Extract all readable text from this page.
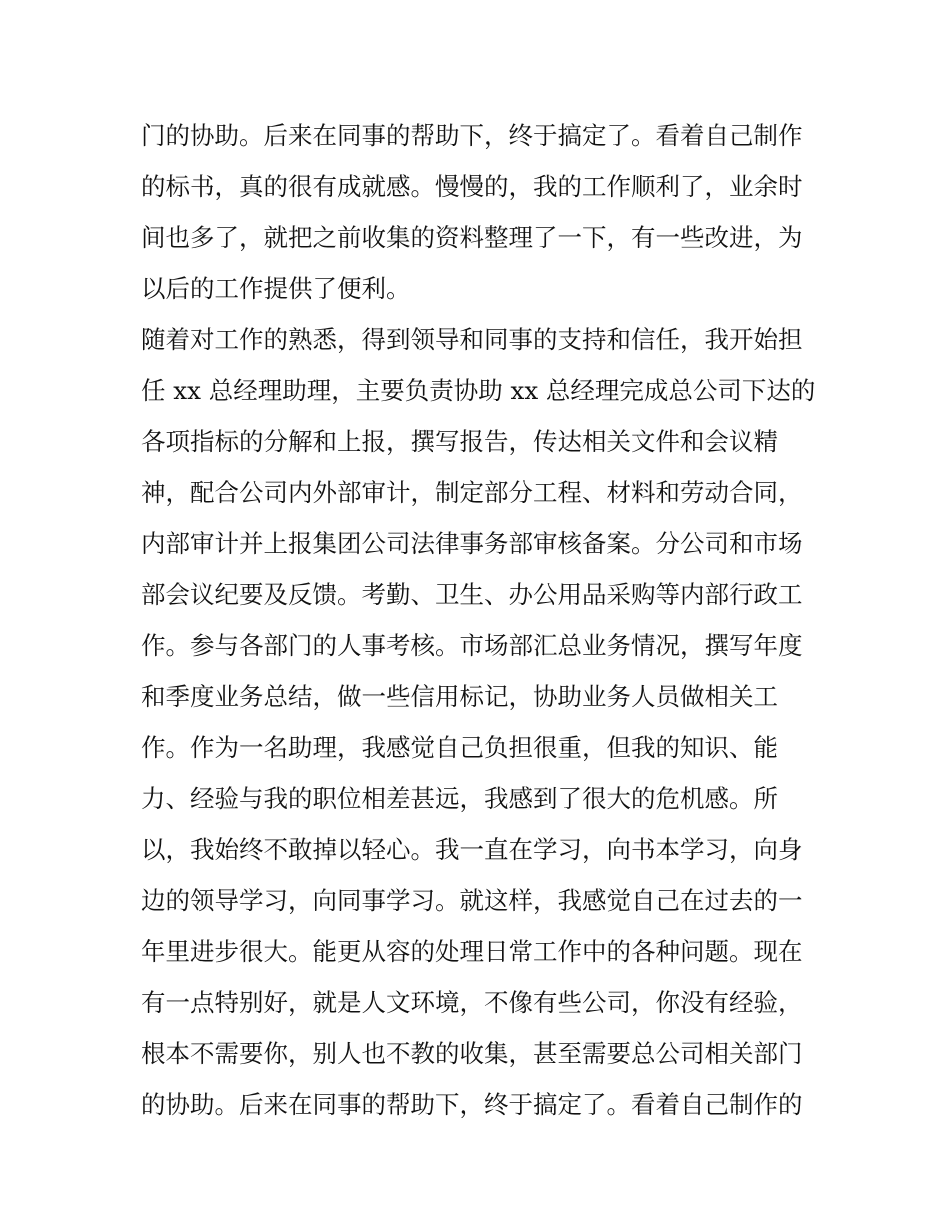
门的协助。后来在同事的帮助下，终于搞定了。看着自己制作
的标书，真的很有成就感。慢慢的，我的工作顺利了，业余时
间也多了，就把之前收集的资料整理了一下，有一些改进，为
以后的工作提供了便利。
随着对工作的熟悉，得到领导和同事的支持和信任，我开始担
任 xx 总经理助理，主要负责协助 xx 总经理完成总公司下达的
各项指标的分解和上报，撰写报告，传达相关文件和会议精
神，配合公司内外部审计，制定部分工程、材料和劳动合同，
内部审计并上报集团公司法律事务部审核备案。分公司和市场
部会议纪要及反馈。考勤、卫生、办公用品采购等内部行政工
作。参与各部门的人事考核。市场部汇总业务情况，撰写年度
和季度业务总结，做一些信用标记，协助业务人员做相关工
作。作为一名助理，我感觉自己负担很重，但我的知识、能
力、经验与我的职位相差甚远，我感到了很大的危机感。所
以，我始终不敢掉以轻心。我一直在学习，向书本学习，向身
边的领导学习，向同事学习。就这样，我感觉自己在过去的一
年里进步很大。能更从容的处理日常工作中的各种问题。现在
有一点特别好，就是人文环境，不像有些公司，你没有经验，
根本不需要你，别人也不教的收集，甚至需要总公司相关部门
的协助。后来在同事的帮助下，终于搞定了。看着自己制作的
